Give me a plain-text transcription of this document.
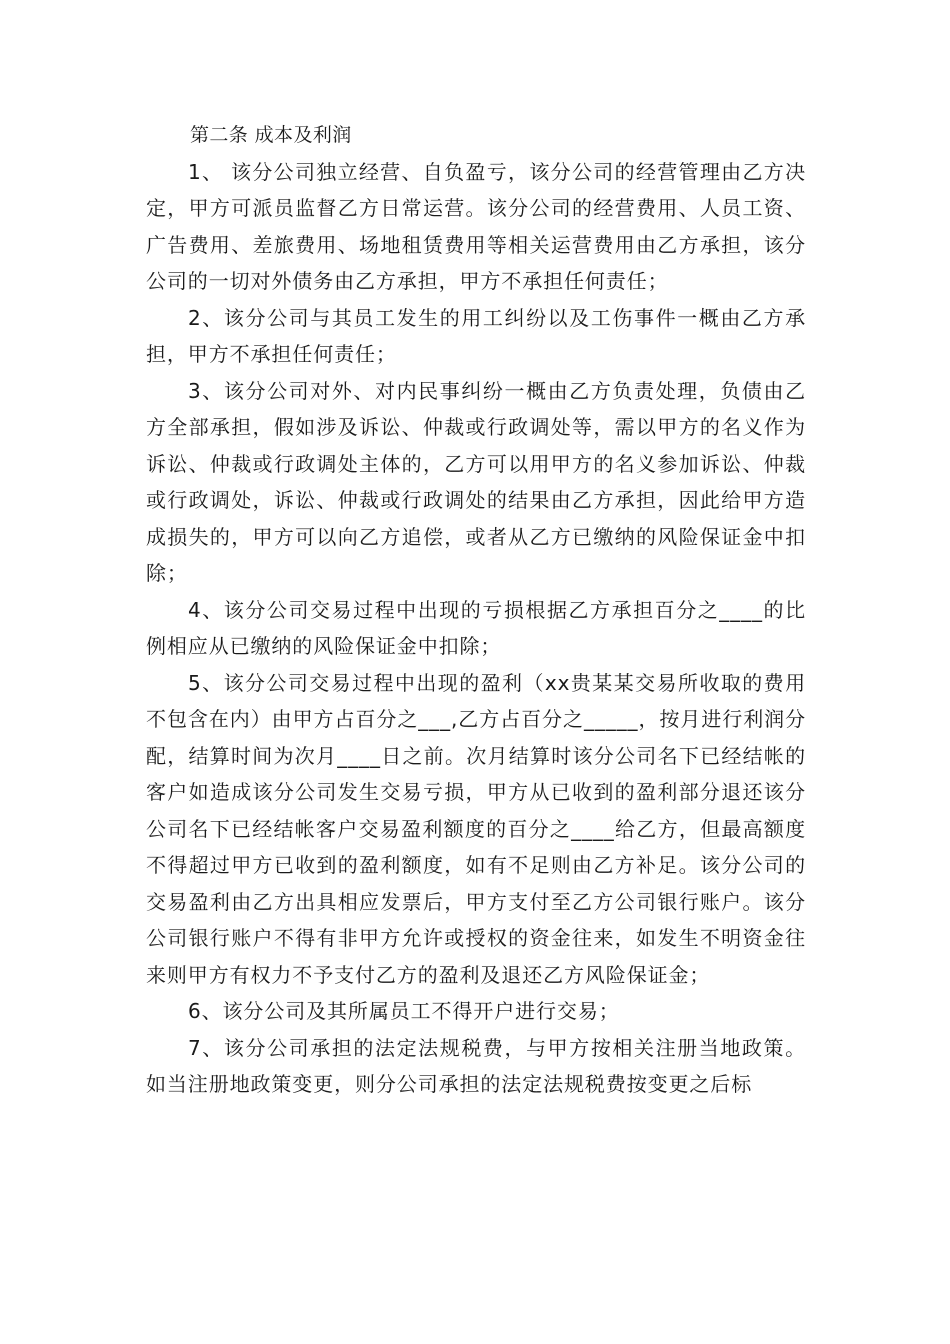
第二条 成本及利润

1、 该分公司独立经营、自负盈亏，该分公司的经营管理由乙方决定，甲方可派员监督乙方日常运营。该分公司的经营费用、人员工资、广告费用、差旅费用、场地租赁费用等相关运营费用由乙方承担，该分公司的一切对外债务由乙方承担，甲方不承担任何责任；

2、该分公司与其员工发生的用工纠纷以及工伤事件一概由乙方承担，甲方不承担任何责任；

3、该分公司对外、对内民事纠纷一概由乙方负责处理，负债由乙方全部承担，假如涉及诉讼、仲裁或行政调处等，需以甲方的名义作为诉讼、仲裁或行政调处主体的，乙方可以用甲方的名义参加诉讼、仲裁或行政调处，诉讼、仲裁或行政调处的结果由乙方承担，因此给甲方造成损失的，甲方可以向乙方追偿，或者从乙方已缴纳的风险保证金中扣除；

4、该分公司交易过程中出现的亏损根据乙方承担百分之____的比例相应从已缴纳的风险保证金中扣除；

5、该分公司交易过程中出现的盈利（xx贵某某交易所收取的费用不包含在内）由甲方占百分之___,乙方占百分之_____，按月进行利润分配，结算时间为次月____日之前。次月结算时该分公司名下已经结帐的客户如造成该分公司发生交易亏损，甲方从已收到的盈利部分退还该分公司名下已经结帐客户交易盈利额度的百分之____给乙方，但最高额度不得超过甲方已收到的盈利额度，如有不足则由乙方补足。该分公司的交易盈利由乙方出具相应发票后，甲方支付至乙方公司银行账户。该分公司银行账户不得有非甲方允许或授权的资金往来，如发生不明资金往来则甲方有权力不予支付乙方的盈利及退还乙方风险保证金；

6、该分公司及其所属员工不得开户进行交易；

7、该分公司承担的法定法规税费，与甲方按相关注册当地政策。如当注册地政策变更，则分公司承担的法定法规税费按变更之后标
